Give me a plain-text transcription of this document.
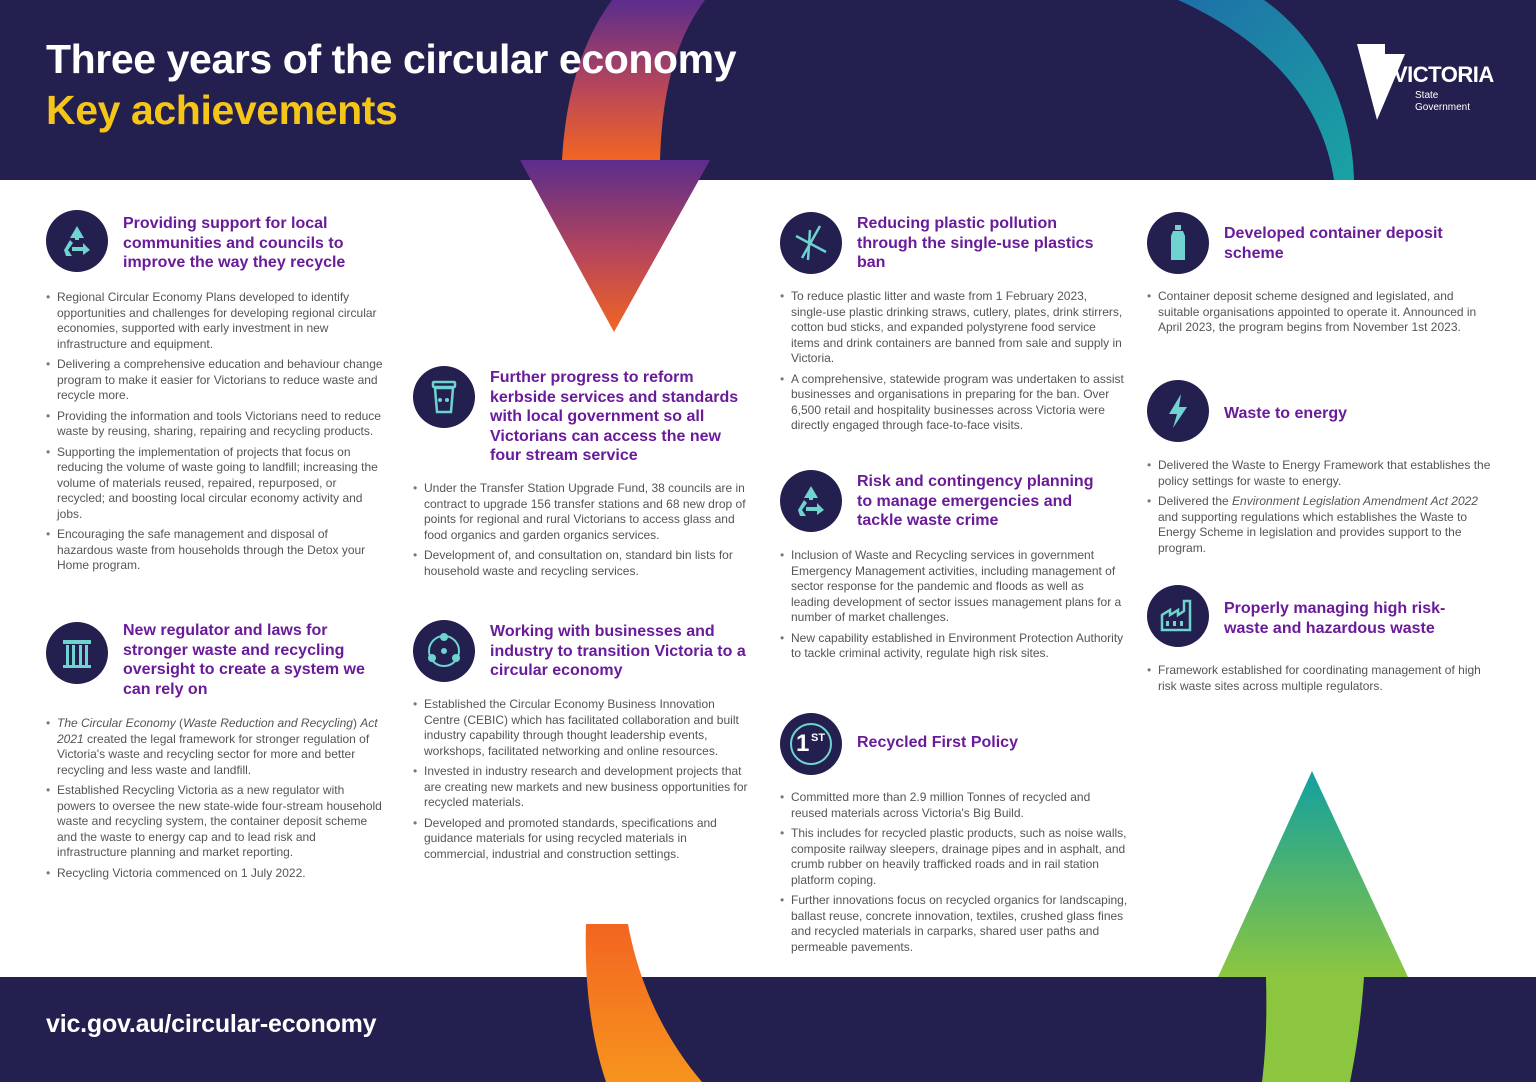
Three years of the circular economy
Key achievements
VICTORIA
State
Government
Providing support for local communities and councils to improve the way they recycle
• Regional Circular Economy Plans developed to identify opportunities and challenges for developing regional circular economies, supported with early investment in new infrastructure and equipment.
• Delivering a comprehensive education and behaviour change program to make it easier for Victorians to reduce waste and recycle more.
• Providing the information and tools Victorians need to reduce waste by reusing, sharing, repairing and recycling products.
• Supporting the implementation of projects that focus on reducing the volume of waste going to landfill; increasing the volume of materials reused, repaired, repurposed, or recycled; and boosting local circular economy activity and jobs.
• Encouraging the safe management and disposal of hazardous waste from households through the Detox your Home program.
New regulator and laws for stronger waste and recycling oversight to create a system we can rely on
• The Circular Economy (Waste Reduction and Recycling) Act 2021 created the legal framework for stronger regulation of Victoria's waste and recycling sector for more and better recycling and less waste and landfill.
• Established Recycling Victoria as a new regulator with powers to oversee the new state-wide four-stream household waste and recycling system, the container deposit scheme and the waste to energy cap and to lead risk and infrastructure planning and market reporting.
• Recycling Victoria commenced on 1 July 2022.
Further progress to reform kerbside services and standards with local government so all Victorians can access the new four stream service
• Under the Transfer Station Upgrade Fund, 38 councils are in contract to upgrade 156 transfer stations and 68 new drop of points for regional and rural Victorians to access glass and food organics and garden organics services.
• Development of, and consultation on, standard bin lists for household waste and recycling services.
Working with businesses and industry to transition Victoria to a circular economy
• Established the Circular Economy Business Innovation Centre (CEBIC) which has facilitated collaboration and built industry capability through thought leadership events, workshops, facilitated networking and online resources.
• Invested in industry research and development projects that are creating new markets and new business opportunities for recycled materials.
• Developed and promoted standards, specifications and guidance materials for using recycled materials in commercial, industrial and construction settings.
Reducing plastic pollution through the single-use plastics ban
• To reduce plastic litter and waste from 1 February 2023, single-use plastic drinking straws, cutlery, plates, drink stirrers, cotton bud sticks, and expanded polystyrene food service items and drink containers are banned from sale and supply in Victoria.
• A comprehensive, statewide program was undertaken to assist businesses and organisations in preparing for the ban. Over 6,500 retail and hospitality businesses across Victoria were directly engaged through face-to-face visits.
Risk and contingency planning to manage emergencies and tackle waste crime
• Inclusion of Waste and Recycling services in government Emergency Management activities, including management of sector response for the pandemic and floods as well as leading development of sector issues management plans for a number of market challenges.
• New capability established in Environment Protection Authority to tackle criminal activity, regulate high risk sites.
1 ST Recycled First Policy
• Committed more than 2.9 million Tonnes of recycled and reused materials across Victoria's Big Build.
• This includes for recycled plastic products, such as noise walls, composite railway sleepers, drainage pipes and in asphalt, and crumb rubber on heavily trafficked roads and in rail station platform coping.
• Further innovations focus on recycled organics for landscaping, ballast reuse, concrete innovation, textiles, crushed glass fines and recycled materials in carparks, shared user paths and permeable pavements.
Developed container deposit scheme
• Container deposit scheme designed and legislated, and suitable organisations appointed to operate it. Announced in April 2023, the program begins from November 1st 2023.
Waste to energy
• Delivered the Waste to Energy Framework that establishes the policy settings for waste to energy.
• Delivered the Environment Legislation Amendment Act 2022 and supporting regulations which establishes the Waste to Energy Scheme in legislation and provides support to the program.
Properly managing high risk-waste and hazardous waste
• Framework established for coordinating management of high risk waste sites across multiple regulators.
vic.gov.au/circular-economy
